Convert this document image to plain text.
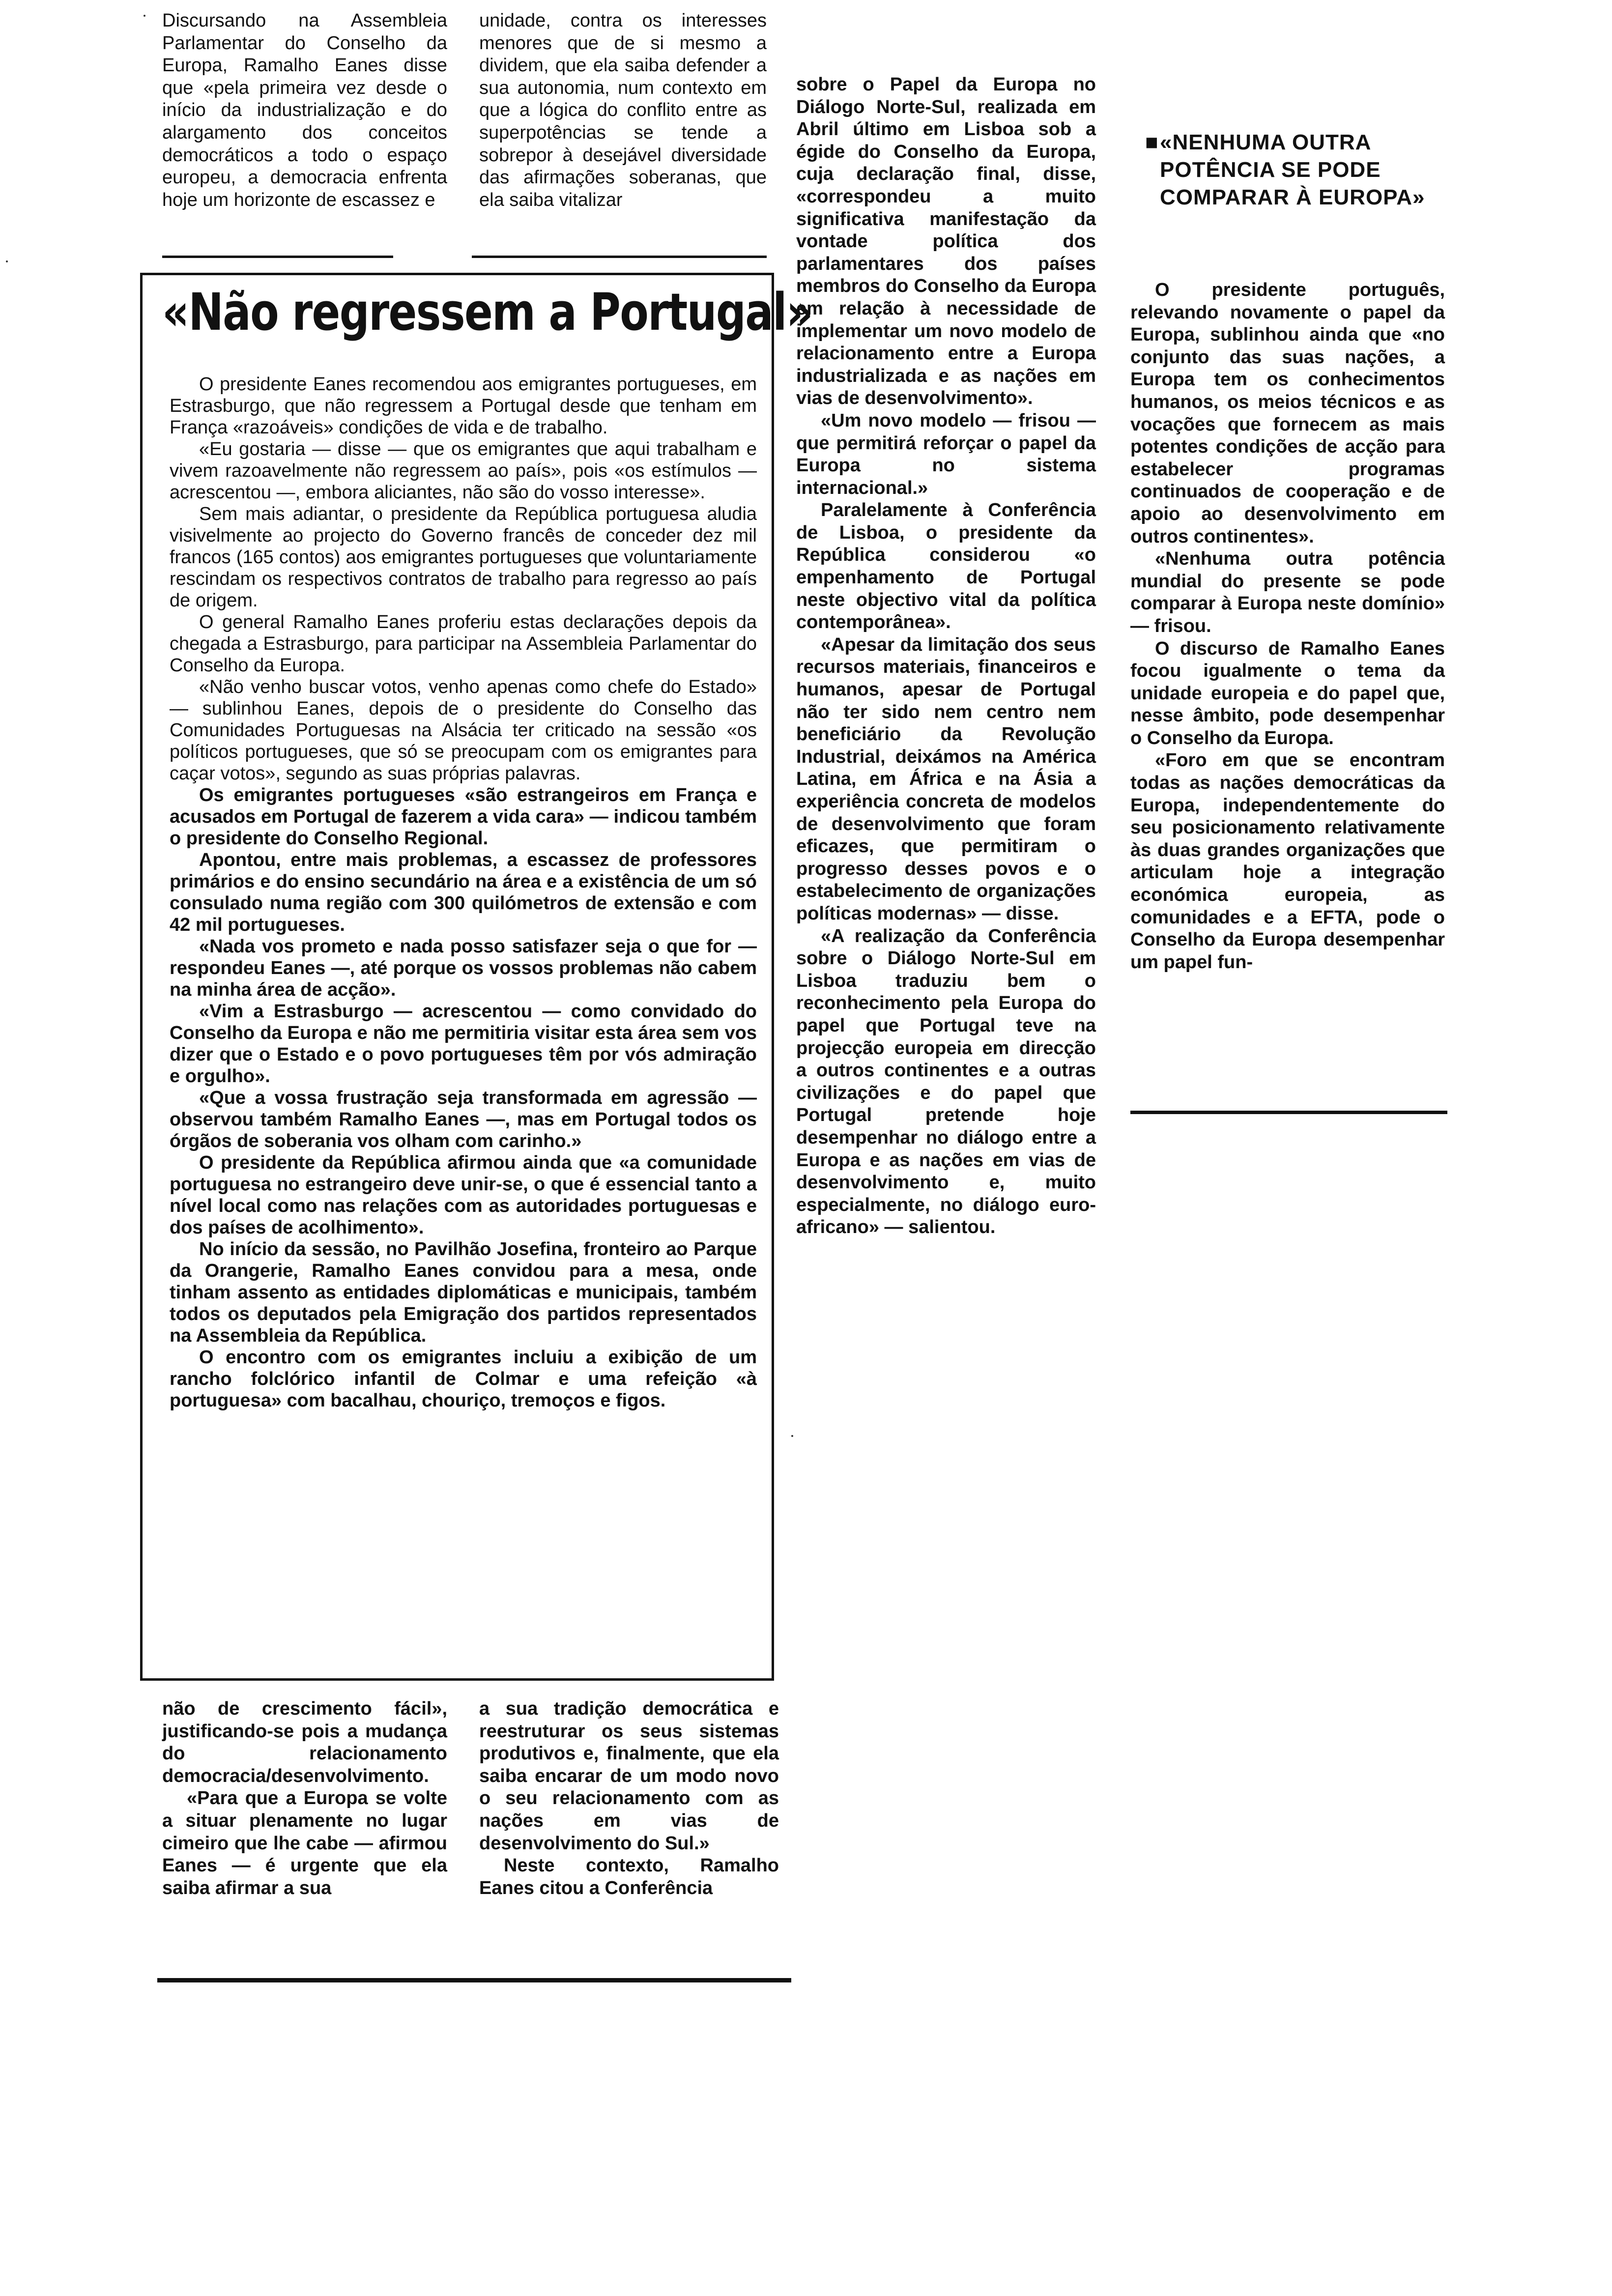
Discursando na Assembleia Parlamentar do Conselho da Europa, Ramalho Eanes disse que «pela primeira vez desde o início da industrialização e do alargamento dos conceitos democráticos a todo o espaço europeu, a democracia enfrenta hoje um horizonte de escassez e

unidade, contra os interesses menores que de si mesmo a dividem, que ela saiba defender a sua autonomia, num contexto em que a lógica do conflito entre as superpotências se tende a sobrepor à desejável diversidade das afirmações soberanas, que ela saiba vitalizar

«Não regressem a Portugal»

O presidente Eanes recomendou aos emigrantes portugueses, em Estrasburgo, que não regressem a Portugal desde que tenham em França «razoáveis» condições de vida e de trabalho.

«Eu gostaria — disse — que os emigrantes que aqui trabalham e vivem razoavelmente não regressem ao país», pois «os estímulos — acrescentou —, embora aliciantes, não são do vosso interesse».

Sem mais adiantar, o presidente da República portuguesa aludia visivelmente ao projecto do Governo francês de conceder dez mil francos (165 contos) aos emigrantes portugueses que voluntariamente rescindam os respectivos contratos de trabalho para regresso ao país de origem.

O general Ramalho Eanes proferiu estas declarações depois da chegada a Estrasburgo, para participar na Assembleia Parlamentar do Conselho da Europa.

«Não venho buscar votos, venho apenas como chefe do Estado» — sublinhou Eanes, depois de o presidente do Conselho das Comunidades Portuguesas na Alsácia ter criticado na sessão «os políticos portugueses, que só se preocupam com os emigrantes para caçar votos», segundo as suas próprias palavras.

Os emigrantes portugueses «são estrangeiros em França e acusados em Portugal de fazerem a vida cara» — indicou também o presidente do Conselho Regional.

Apontou, entre mais problemas, a escassez de professores primários e do ensino secundário na área e a existência de um só consulado numa região com 300 quilómetros de extensão e com 42 mil portugueses.

«Nada vos prometo e nada posso satisfazer seja o que for — respondeu Eanes —, até porque os vossos problemas não cabem na minha área de acção».

«Vim a Estrasburgo — acrescentou — como convidado do Conselho da Europa e não me permitiria visitar esta área sem vos dizer que o Estado e o povo portugueses têm por vós admiração e orgulho».

«Que a vossa frustração seja transformada em agressão — observou também Ramalho Eanes —, mas em Portugal todos os órgãos de soberania vos olham com carinho.»

O presidente da República afirmou ainda que «a comunidade portuguesa no estrangeiro deve unir-se, o que é essencial tanto a nível local como nas relações com as autoridades portuguesas e dos países de acolhimento».

No início da sessão, no Pavilhão Josefina, fronteiro ao Parque da Orangerie, Ramalho Eanes convidou para a mesa, onde tinham assento as entidades diplomáticas e municipais, também todos os deputados pela Emigração dos partidos representados na Assembleia da República.

O encontro com os emigrantes incluiu a exibição de um rancho folclórico infantil de Colmar e uma refeição «à portuguesa» com bacalhau, chouriço, tremoços e figos.

sobre o Papel da Europa no Diálogo Norte-Sul, realizada em Abril último em Lisboa sob a égide do Conselho da Europa, cuja declaração final, disse, «correspondeu a muito significativa manifestação da vontade política dos parlamentares dos países membros do Conselho da Europa em relação à necessidade de implementar um novo modelo de relacionamento entre a Europa industrializada e as nações em vias de desenvolvimento».

«Um novo modelo — frisou — que permitirá reforçar o papel da Europa no sistema internacional.»

Paralelamente à Conferência de Lisboa, o presidente da República considerou «o empenhamento de Portugal neste objectivo vital da política contemporânea».

«Apesar da limitação dos seus recursos materiais, financeiros e humanos, apesar de Portugal não ter sido nem centro nem beneficiário da Revolução Industrial, deixámos na América Latina, em África e na Ásia a experiência concreta de modelos de desenvolvimento que foram eficazes, que permitiram o progresso desses povos e o estabelecimento de organizações políticas modernas» — disse.

«A realização da Conferência sobre o Diálogo Norte-Sul em Lisboa traduziu bem o reconhecimento pela Europa do papel que Portugal teve na projecção europeia em direcção a outros continentes e a outras civilizações e do papel que Portugal pretende hoje desempenhar no diálogo entre a Europa e as nações em vias de desenvolvimento e, muito especialmente, no diálogo euro-africano» — salientou.

■ «NENHUMA OUTRA POTÊNCIA SE PODE COMPARAR À EUROPA»

O presidente português, relevando novamente o papel da Europa, sublinhou ainda que «no conjunto das suas nações, a Europa tem os conhecimentos humanos, os meios técnicos e as vocações que fornecem as mais potentes condições de acção para estabelecer programas continuados de cooperação e de apoio ao desenvolvimento em outros continentes».

«Nenhuma outra potência mundial do presente se pode comparar à Europa neste domínio» — frisou.

O discurso de Ramalho Eanes focou igualmente o tema da unidade europeia e do papel que, nesse âmbito, pode desempenhar o Conselho da Europa.

«Foro em que se encontram todas as nações democráticas da Europa, independentemente do seu posicionamento relativamente às duas grandes organizações que articulam hoje a integração económica europeia, as comunidades e a EFTA, pode o Conselho da Europa desempenhar um papel fun-

não de crescimento fácil», justificando-se pois a mudança do relacionamento democracia/desenvolvimento.

«Para que a Europa se volte a situar plenamente no lugar cimeiro que lhe cabe — afirmou Eanes — é urgente que ela saiba afirmar a sua

a sua tradição democrática e reestruturar os seus sistemas produtivos e, finalmente, que ela saiba encarar de um modo novo o seu relacionamento com as nações em vias de desenvolvimento do Sul.»

Neste contexto, Ramalho Eanes citou a Conferência
